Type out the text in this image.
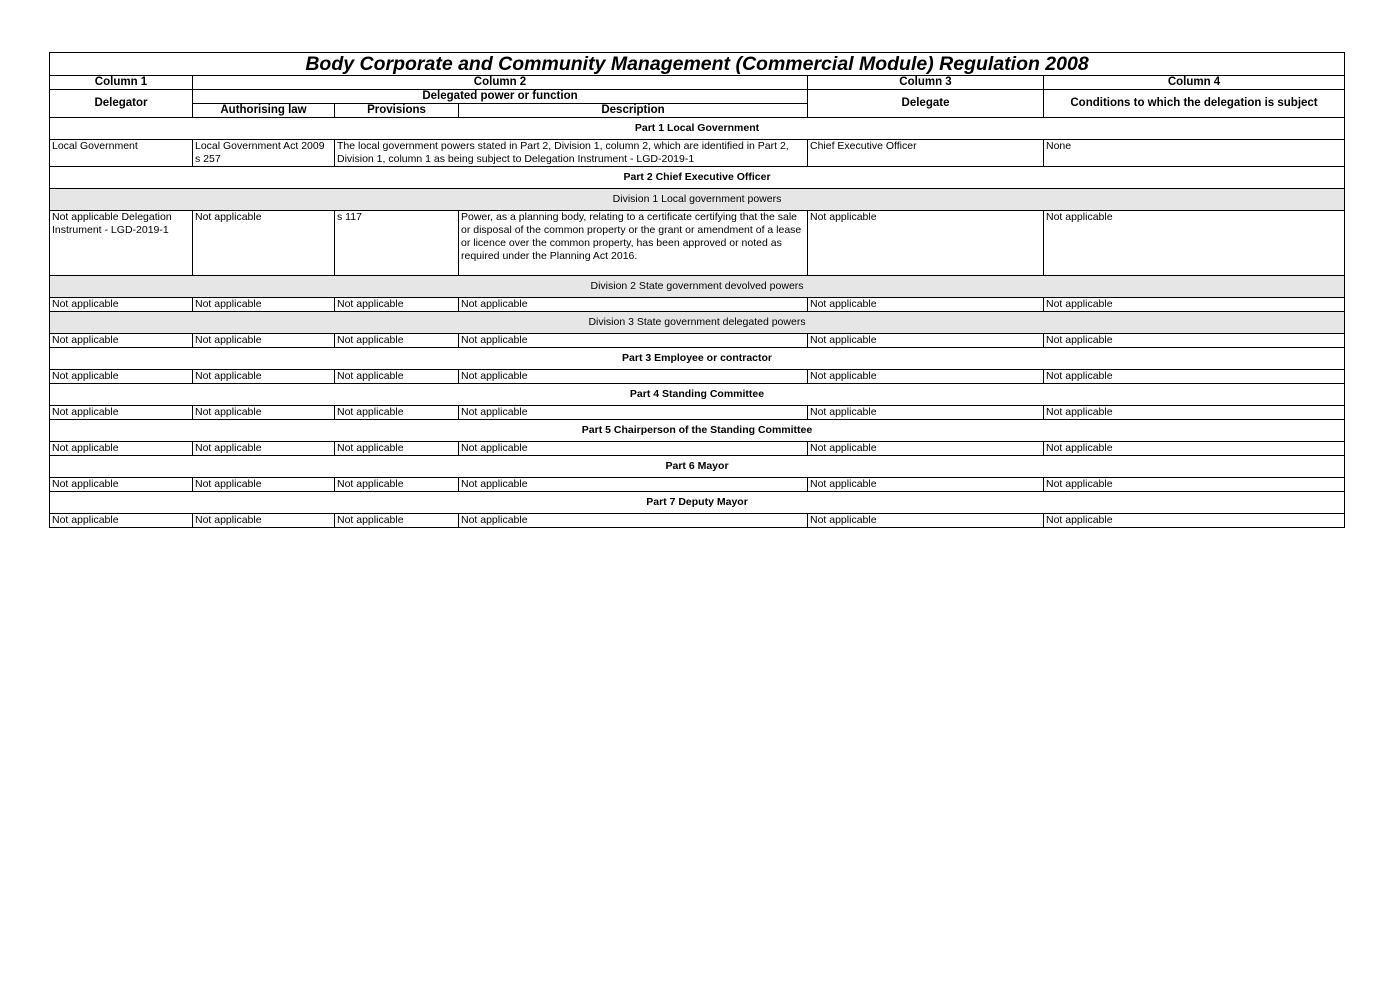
Body Corporate and Community Management (Commercial Module) Regulation 2008					
Column 1	Column 2			Column 3	Column 4
Delegator	Delegated power or function			Delegate	Conditions to which the delegation is subject
	Authorising law	Provisions	Description		
Part 1 Local Government					
Local Government	Local Government Act 2009 s 257	The local government powers stated in Part 2, Division 1, column 2, which are identified in Part 2, Division 1, column 1 as being subject to Delegation Instrument - LGD-2019-1		Chief Executive Officer	None
Part 2 Chief Executive Officer					
Division 1 Local government powers					
Not applicable Delegation Instrument - LGD-2019-1	Not applicable	s 117	Power, as a planning body, relating to a certificate certifying that the sale or disposal of the common property or the grant or amendment of a lease or licence over the common property, has been approved or noted as required under the Planning Act 2016.	Not applicable	Not applicable
Division 2 State government devolved powers					
Not applicable	Not applicable	Not applicable	Not applicable	Not applicable	Not applicable
Division 3 State government delegated powers					
Not applicable	Not applicable	Not applicable	Not applicable	Not applicable	Not applicable
Part 3 Employee or contractor					
Not applicable	Not applicable	Not applicable	Not applicable	Not applicable	Not applicable
Part 4 Standing Committee					
Not applicable	Not applicable	Not applicable	Not applicable	Not applicable	Not applicable
Part 5 Chairperson of the Standing Committee					
Not applicable	Not applicable	Not applicable	Not applicable	Not applicable	Not applicable
Part 6 Mayor					
Not applicable	Not applicable	Not applicable	Not applicable	Not applicable	Not applicable
Part 7 Deputy Mayor					
Not applicable	Not applicable	Not applicable	Not applicable	Not applicable	Not applicable
